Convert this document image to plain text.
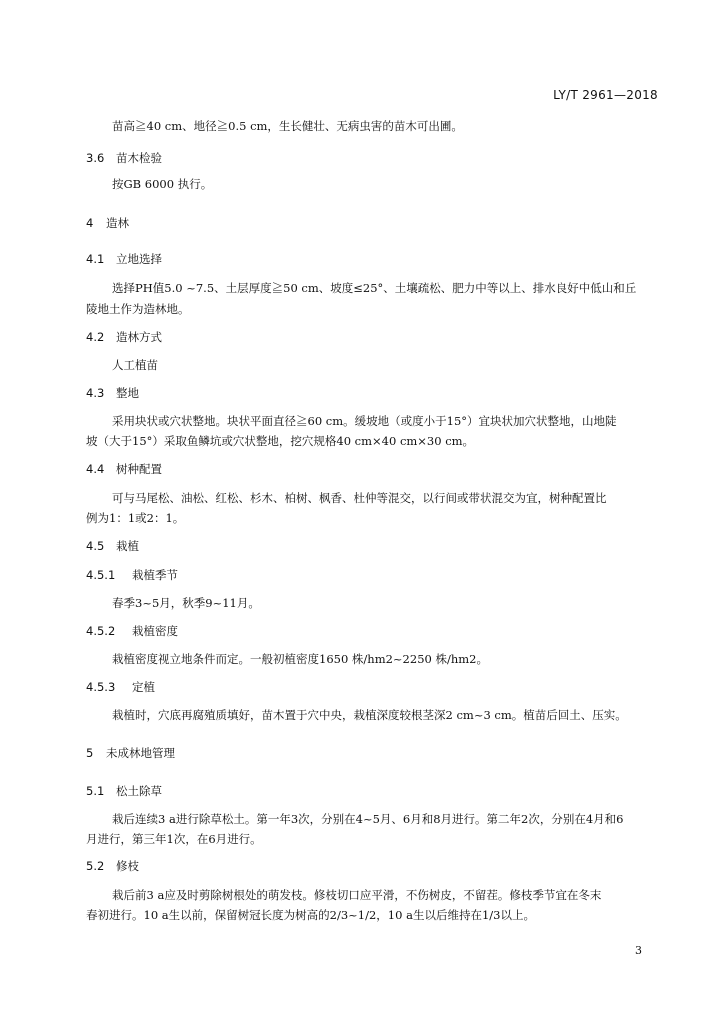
LY/T 2961—2018
苗高≧40 cm、地径≧0.5 cm，生长健壮、无病虫害的苗木可出圃。
3.6 苗木检验
按GB 6000 执行。
4 造林
4.1 立地选择
选择PH值5.0 ~7.5、土层厚度≧50 cm、坡度≤25°、土壤疏松、肥力中等以上、排水良好中低山和丘
陵地土作为造林地。
4.2 造林方式
人工植苗
4.3 整地
采用块状或穴状整地。块状平面直径≧60 cm。缓坡地（或度小于15°）宜块状加穴状整地，山地陡
坡（大于15°）采取鱼鳞坑或穴状整地，挖穴规格40 cm×40 cm×30 cm。
4.4 树种配置
可与马尾松、油松、红松、杉木、柏树、枫香、杜仲等混交，以行间或带状混交为宜，树种配置比
例为1：1或2：1。
4.5 栽植
4.5.1 栽植季节
春季3~5月，秋季9~11月。
4.5.2 栽植密度
栽植密度视立地条件而定。一般初植密度1650 株/hm2~2250 株/hm2。
4.5.3 定植
栽植时，穴底再腐殖质填好，苗木置于穴中央，栽植深度较根茎深2 cm~3 cm。植苗后回土、压实。
5 未成林地管理
5.1 松土除草
栽后连续3 a进行除草松土。第一年3次，分别在4~5月、6月和8月进行。第二年2次，分别在4月和6
月进行，第三年1次，在6月进行。
5.2 修枝
栽后前3 a应及时剪除树根处的萌发枝。修枝切口应平滑，不伤树皮，不留茬。修枝季节宜在冬末
春初进行。10 a生以前，保留树冠长度为树高的2/3~1/2，10 a生以后维持在1/3以上。
3
